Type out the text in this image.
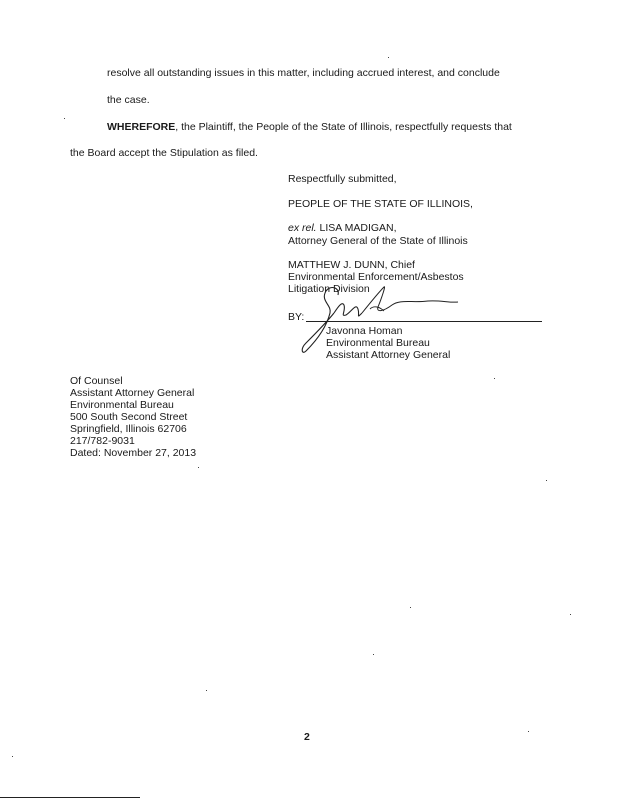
resolve all outstanding issues in this matter, including accrued interest, and conclude
the case.
WHEREFORE, the Plaintiff, the People of the State of Illinois, respectfully requests that
the Board accept the Stipulation as filed.
Respectfully submitted,
PEOPLE OF THE STATE OF ILLINOIS,
ex rel. LISA MADIGAN,
Attorney General of the State of Illinois
MATTHEW J. DUNN, Chief
Environmental Enforcement/Asbestos
Litigation Division
BY:
Javonna Homan
Environmental Bureau
Assistant Attorney General
Of Counsel
Assistant Attorney General
Environmental Bureau
500 South Second Street
Springfield, Illinois 62706
217/782-9031
Dated: November 27, 2013
2
